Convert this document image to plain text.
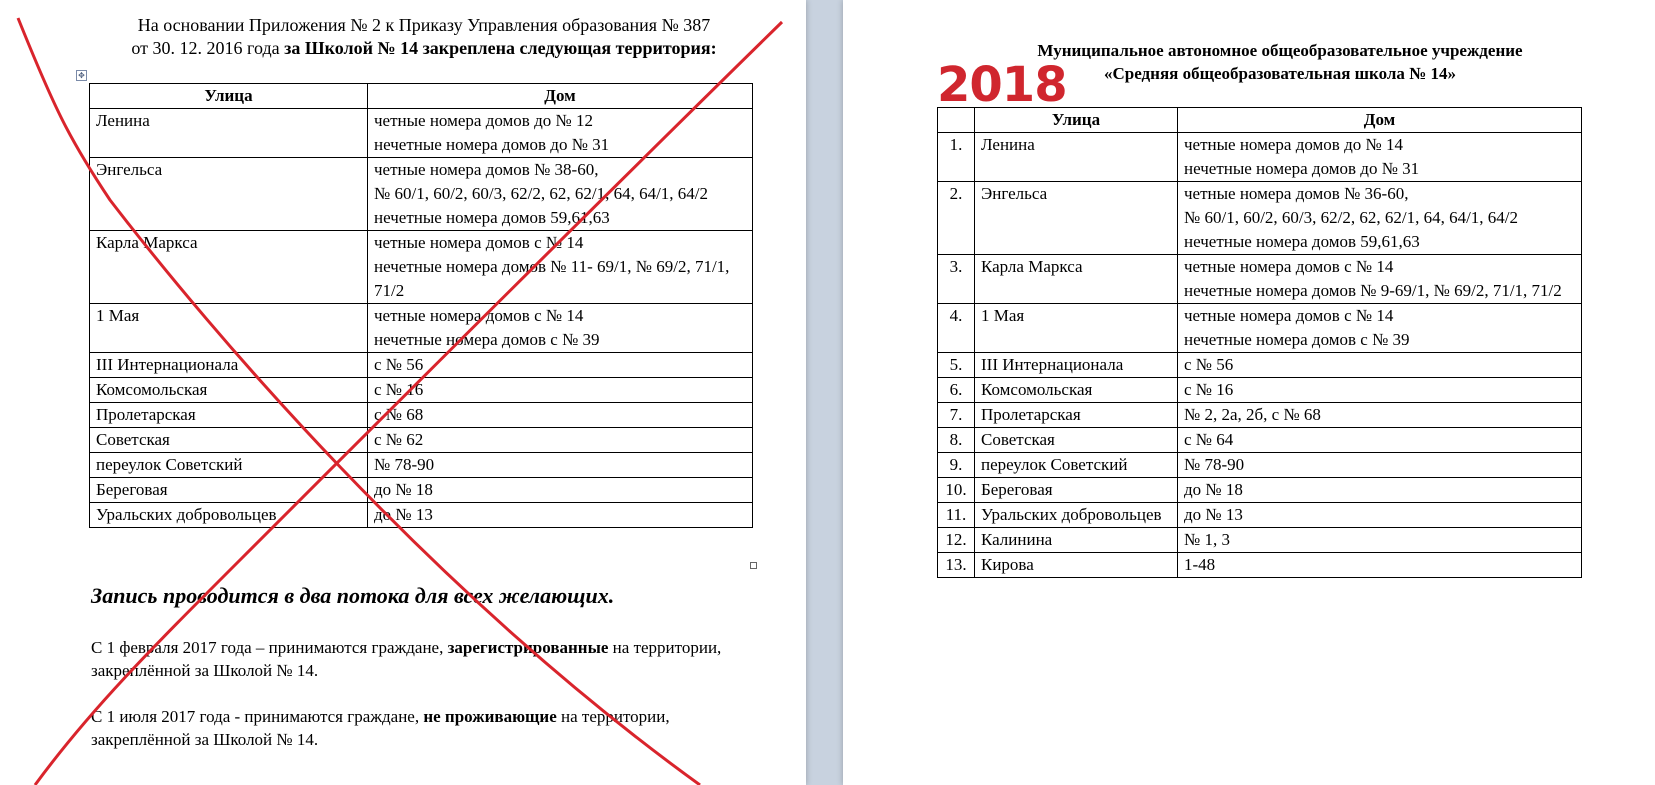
На основании Приложения № 2 к Приказу Управления образования № 387
от 30. 12. 2016 года за Школой № 14 закреплена следующая территория:
✥
Улица	Дом
Ленина	четные номера домов до № 12
нечетные номера домов до № 31

Энгельса	четные номера домов № 38-60,
№ 60/1, 60/2, 60/3, 62/2, 62, 62/1, 64, 64/1, 64/2
нечетные номера домов 59,61,63

Карла Маркса	четные номера домов с № 14
нечетные номера домов № 11- 69/1, № 69/2, 71/1, 71/2

1 Мая	четные номера домов с № 14
нечетные номера домов с № 39

III Интернационала	с № 56

Комсомольская	с № 16

Пролетарская	с № 68

Советская	с № 62

переулок Советский	№ 78-90

Береговая	до № 18

Уральских добровольцев	до № 13
Запись проводится в два потока для всех желающих.
С 1 февраля 2017 года – принимаются граждане, зарегистрированные на территории, закреплённой за Школой № 14.
С 1 июля 2017 года - принимаются граждане, не проживающие на территории, закреплённой за Школой № 14.
Муниципальное автономное общеобразовательное учреждение
«Средняя общеобразовательная школа № 14»
2018
	Улица	Дом
1.	Ленина	четные номера домов до № 14
нечетные номера домов до № 31

2.	Энгельса	четные номера домов № 36-60,
№ 60/1, 60/2, 60/3, 62/2, 62, 62/1, 64, 64/1, 64/2
нечетные номера домов 59,61,63

3.	Карла Маркса	четные номера домов с № 14
нечетные номера домов № 9-69/1, № 69/2, 71/1, 71/2

4.	1 Мая	четные номера домов с № 14
нечетные номера домов с № 39

5.	III Интернационала	с № 56

6.	Комсомольская	с № 16

7.	Пролетарская	№ 2, 2а, 2б, с № 68

8.	Советская	с № 64

9.	переулок Советский	№ 78-90

10.	Береговая	до № 18

11.	Уральских добровольцев	до № 13

12.	Калинина	№ 1, 3

13.	Кирова	1-48
